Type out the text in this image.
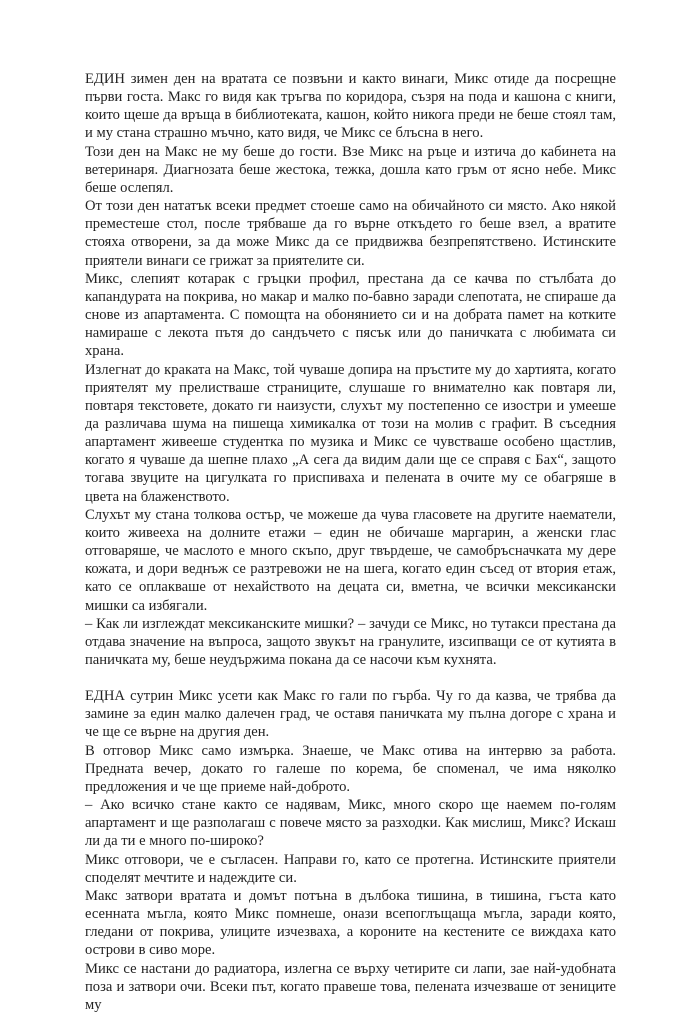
ЕДИН зимен ден на вратата се позвъни и както винаги, Микс отиде да посрещне първи госта. Макс го видя как тръгва по коридора, съзря на пода и кашона с книги, които щеше да връща в библиотеката, кашон, който никога преди не беше стоял там, и му стана страшно мъчно, като видя, че Микс се блъсна в него.

Този ден на Макс не му беше до гости. Взе Микс на ръце и изтича до кабинета на ветеринаря. Диагнозата беше жестока, тежка, дошла като гръм от ясно небе. Микс беше ослепял.

От този ден нататък всеки предмет стоеше само на обичайното си място. Ако някой преместеше стол, после трябваше да го върне откъдето го беше взел, а вратите стояха отворени, за да може Микс да се придвижва безпрепятствено. Истинските приятели винаги се грижат за приятелите си.

Микс, слепият котарак с гръцки профил, престана да се качва по стълбата до капандурата на покрива, но макар и малко по-бавно заради слепотата, не спираше да снове из апартамента. С помощта на обонянието си и на добрата памет на котките намираше с лекота пътя до сандъчето с пясък или до паничката с любимата си храна.

Излегнат до краката на Макс, той чуваше допира на пръстите му до хартията, когато приятелят му прелистваше страниците, слушаше го внимателно как повтаря ли, повтаря текстовете, докато ги наизусти, слухът му постепенно се изостри и умееше да различава шума на пишеща химикалка от този на молив с графит. В съседния апартамент живееше студентка по музика и Микс се чувстваше особено щастлив, когато я чуваше да шепне плахо „А сега да видим дали ще се справя с Бах“, защото тогава звуците на цигулката го приспиваха и пелената в очите му се обагряше в цвета на блаженството.

Слухът му стана толкова остър, че можеше да чува гласовете на другите наематели, които живееха на долните етажи – един не обичаше маргарин, а женски глас отговаряше, че маслото е много скъпо, друг твърдеше, че самобръсначката му дере кожата, и дори веднъж се разтревожи не на шега, когато един съсед от втория етаж, като се оплакваше от нехайството на децата си, вметна, че всички мексикански мишки са избягали.

– Как ли изглеждат мексиканските мишки? – зачуди се Микс, но тутакси престана да отдава значение на въпроса, защото звукът на гранулите, изсипващи се от кутията в паничката му, беше неудържима покана да се насочи към кухнята.

ЕДНА сутрин Микс усети как Макс го гали по гърба. Чу го да казва, че трябва да замине за един малко далечен град, че оставя паничката му пълна догоре с храна и че ще се върне на другия ден.

В отговор Микс само измърка. Знаеше, че Макс отива на интервю за работа. Предната вечер, докато го галеше по корема, бе споменал, че има няколко предложения и че ще приеме най-доброто.

– Ако всичко стане както се надявам, Микс, много скоро ще наемем по-голям апартамент и ще разполагаш с повече място за разходки. Как мислиш, Микс? Искаш ли да ти е много по-широко?

Микс отговори, че е съгласен. Направи го, като се протегна. Истинските приятели споделят мечтите и надеждите си.

Макс затвори вратата и домът потъна в дълбока тишина, в тишина, гъста като есенната мъгла, която Микс помнеше, онази всепоглъщаща мъгла, заради която, гледани от покрива, улиците изчезваха, а короните на кестените се виждаха като острови в сиво море.

Микс се настани до радиатора, излегна се върху четирите си лапи, зае най-удобната поза и затвори очи. Всеки път, когато правеше това, пелената изчезваше от зениците му
